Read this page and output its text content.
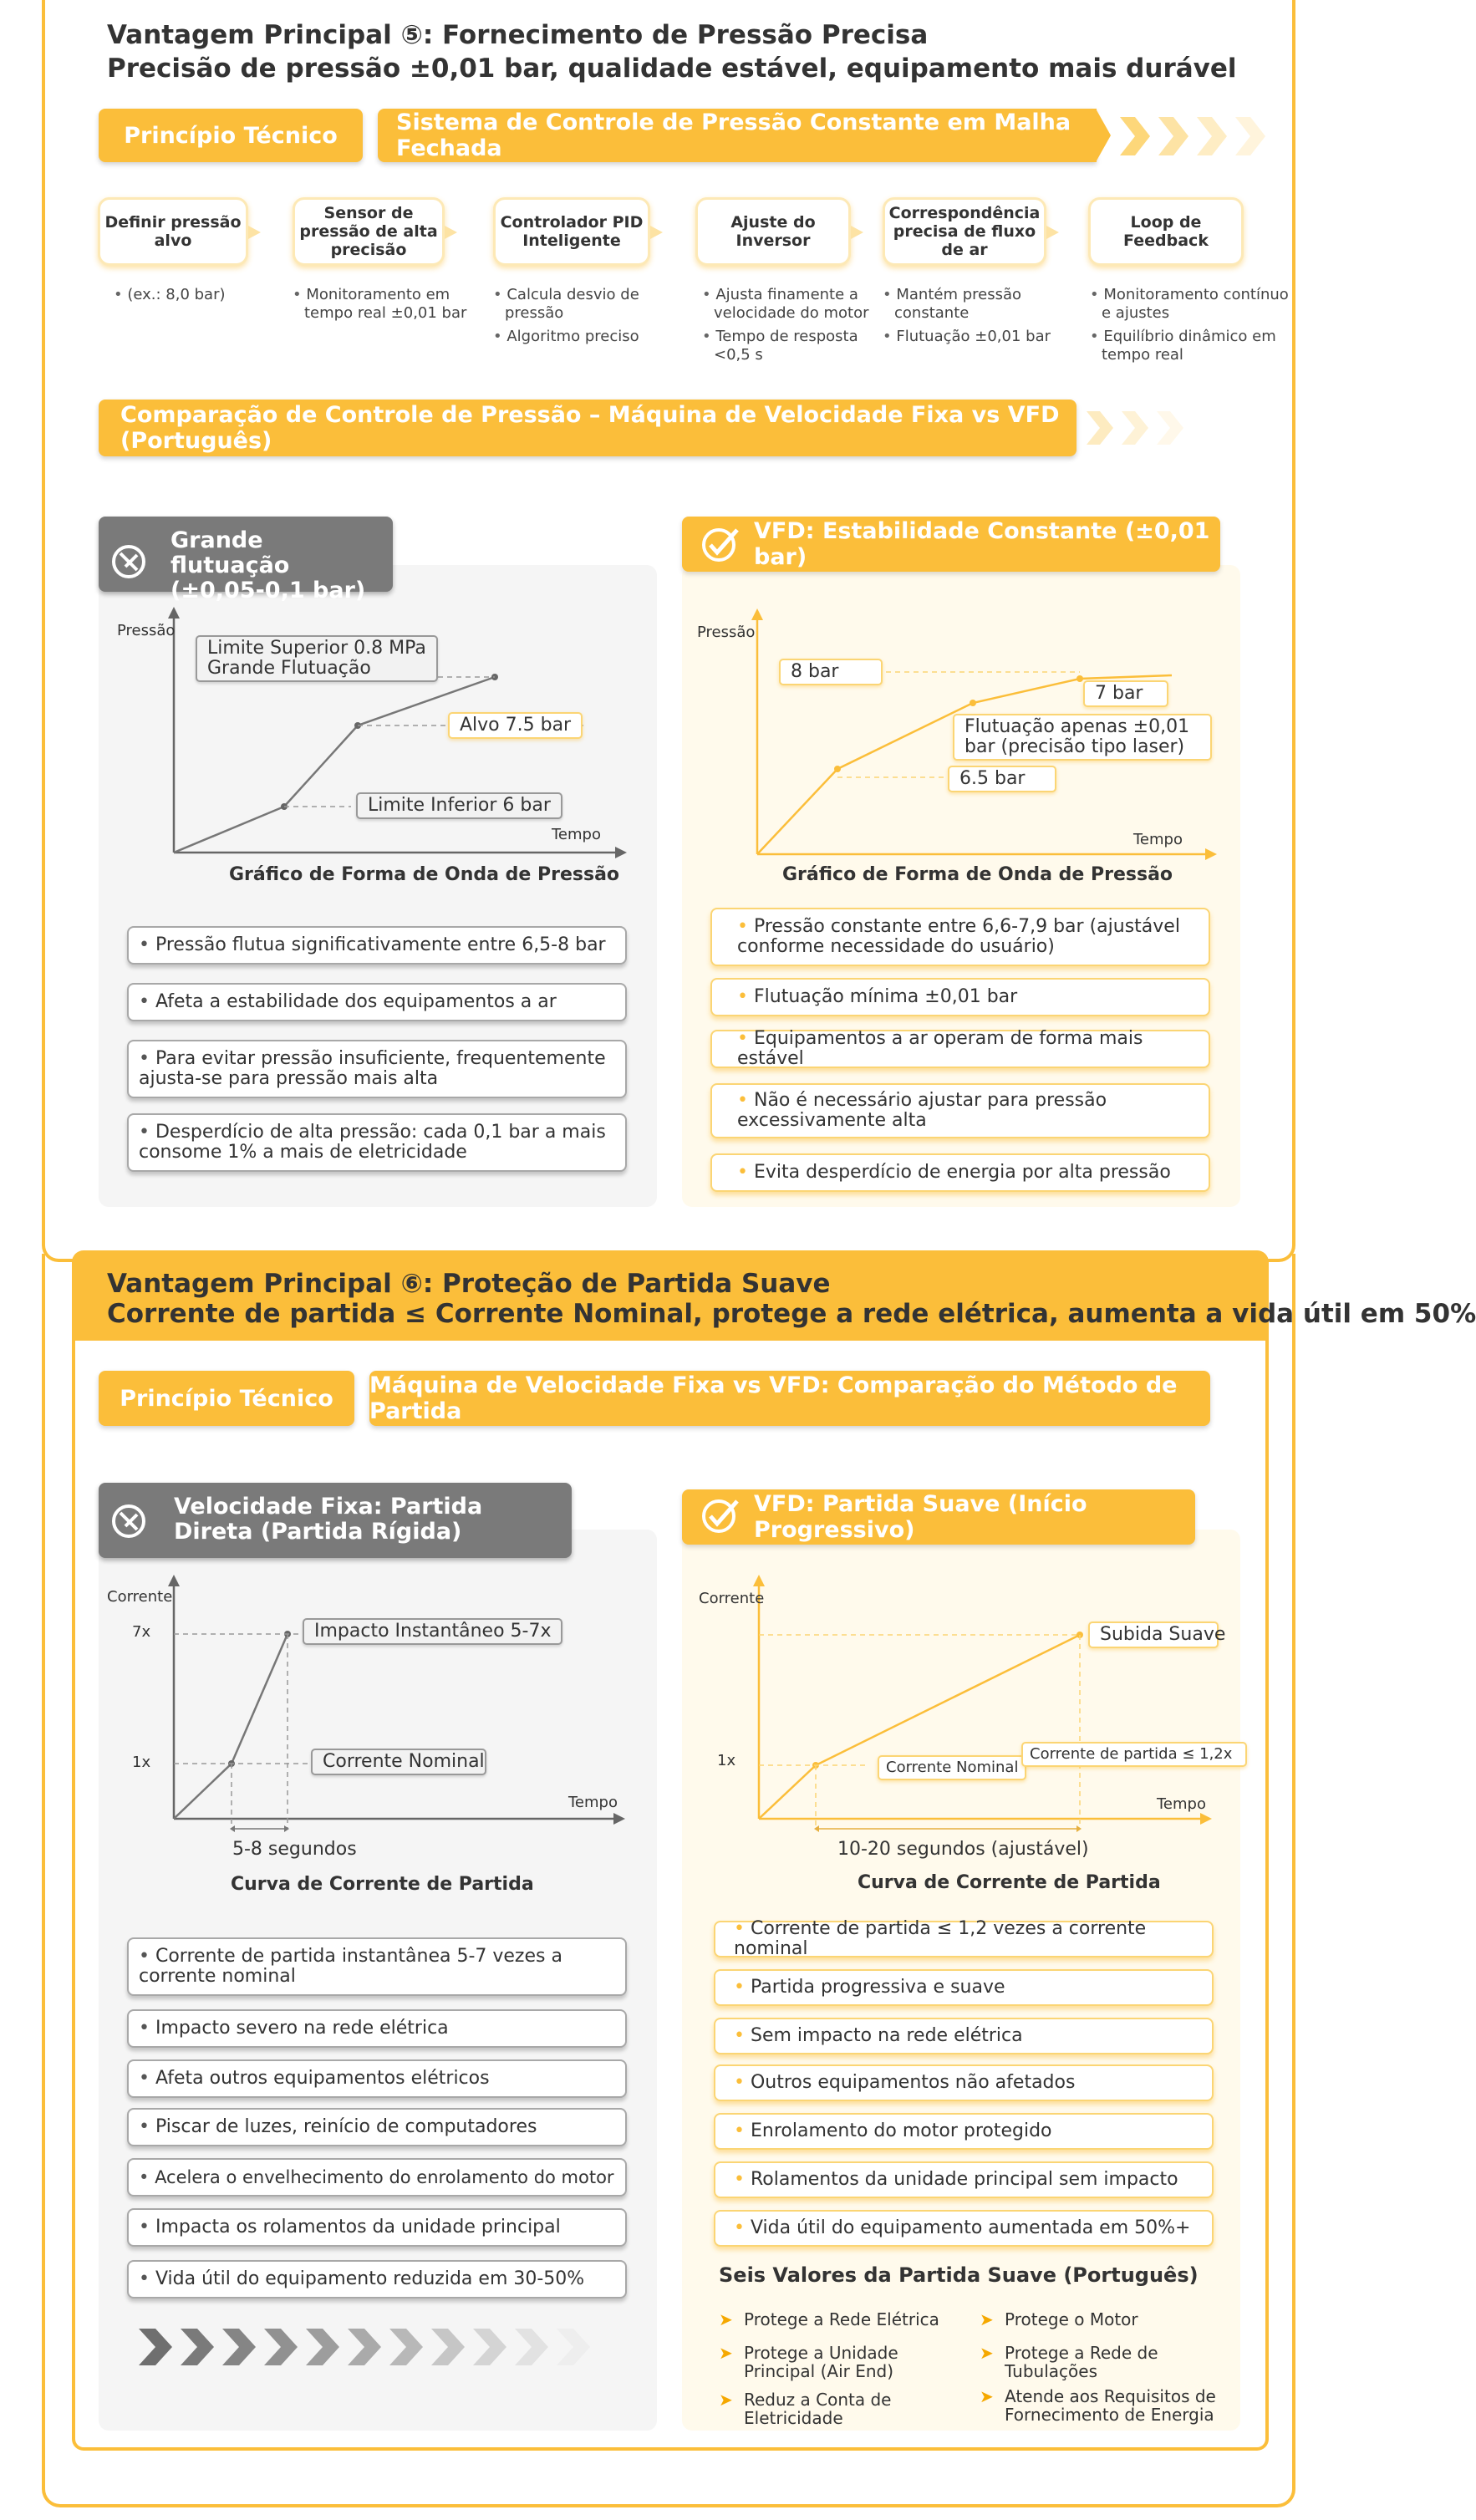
Vantagem Principal ⑤: Fornecimento de Pressão Precisa
Precisão de pressão ±0,01 bar, qualidade estável, equipamento mais durável
Princípio Técnico	Sistema de Controle de Pressão Constante em Malha Fechada
Definir pressão alvo
Sensor de pressão de alta precisão
Controlador PID Inteligente
Ajuste do Inversor
Correspondência precisa de fluxo de ar
Loop de Feedback
• (ex.: 8,0 bar)
•	Monitoramento em tempo real ±0,01 bar
• Calcula desvio de pressão
• Algoritmo preciso
• Ajusta finamente a velocidade do motor
• Tempo de resposta <0,5 s
• Mantém pressão constante
• Flutuação ±0,01 bar
• Monitoramento contínuo e ajustes
• Equilíbrio dinâmico em tempo real
Comparação de Controle de Pressão – Máquina de Velocidade Fixa vs VFD (Português)
Grande flutuação (±0,05-0,1 bar)
Pressão
Tempo
Limite Superior 0.8 MPa
Grande Flutuação
Alvo 7.5 bar
Limite Inferior 6 bar
Gráfico de Forma de Onda de Pressão
• Pressão flutua significativamente entre 6,5-8 bar
• Afeta a estabilidade dos equipamentos a ar
• Para evitar pressão insuficiente, frequentemente ajusta-se para pressão mais alta
• Desperdício de alta pressão: cada 0,1 bar a mais consome 1% a mais de eletricidade
VFD: Estabilidade Constante (±0,01 bar)
Pressão
Tempo
8 bar
7 bar
Flutuação apenas ±0,01
bar (precisão tipo laser)
6.5 bar
Gráfico de Forma de Onda de Pressão
• Pressão constante entre 6,6-7,9 bar (ajustável conforme necessidade do usuário)
• Flutuação mínima ±0,01 bar
• Equipamentos a ar operam de forma mais estável
• Não é necessário ajustar para pressão excessivamente alta
• Evita desperdício de energia por alta pressão
Vantagem Principal ⑥: Proteção de Partida Suave
Corrente de partida ≤ Corrente Nominal, protege a rede elétrica, aumenta a vida útil em 50%
Princípio Técnico	Máquina de Velocidade Fixa vs VFD: Comparação do Método de Partida
Velocidade Fixa: Partida Direta (Partida Rígida)
Corrente
Tempo
7x
1x
Impacto Instantâneo 5-7x
Corrente Nominal
5-8 segundos
Curva de Corrente de Partida
• Corrente de partida instantânea 5-7 vezes a corrente nominal
• Impacto severo na rede elétrica
• Afeta outros equipamentos elétricos
• Piscar de luzes, reinício de computadores
• Acelera o envelhecimento do enrolamento do motor
• Impacta os rolamentos da unidade principal
• Vida útil do equipamento reduzida em 30-50%
VFD: Partida Suave (Início Progressivo)
Corrente
Tempo
1x
Subida Suave
Corrente Nominal
Corrente de partida ≤ 1,2x
10-20 segundos (ajustável)
Curva de Corrente de Partida
• Corrente de partida ≤ 1,2 vezes a corrente nominal
• Partida progressiva e suave
• Sem impacto na rede elétrica
• Outros equipamentos não afetados
• Enrolamento do motor protegido
• Rolamentos da unidade principal sem impacto
• Vida útil do equipamento aumentada em 50%+
Seis Valores da Partida Suave (Português)
➤ Protege a Rede Elétrica	➤ Protege o Motor
➤ Protege a Unidade Principal (Air End)
➤ Protege a Rede de Tubulações
➤ Reduz a Conta de Eletricidade
➤ Atende aos Requisitos de Fornecimento de Energia
